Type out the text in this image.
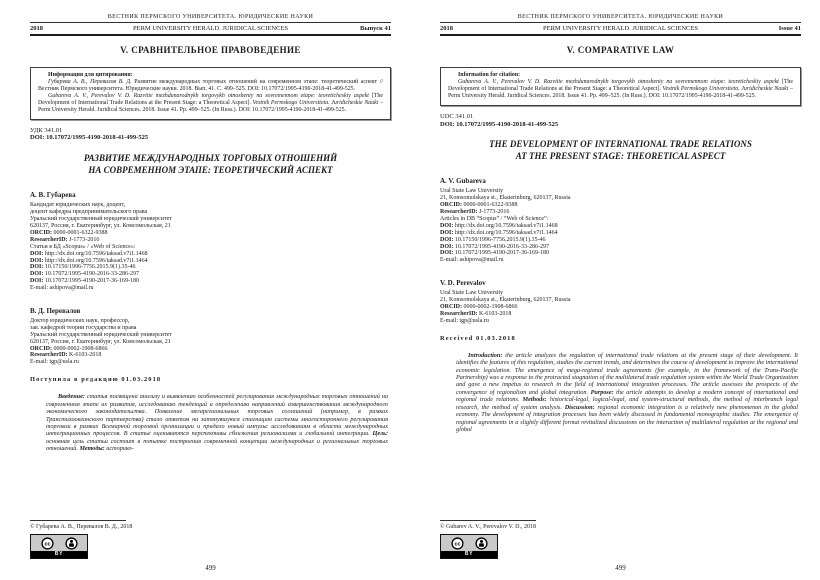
ВЕСТНИК ПЕРМСКОГО УНИВЕРСИТЕТА. ЮРИДИЧЕСКИЕ НАУКИ
2018	PERM UNIVERSITY HERALD. JURIDICAL SCIENCES	Выпуск 41
V. СРАВНИТЕЛЬНОЕ ПРАВОВЕДЕНИЕ
Информация для цитирования:

Губарева А. В., Перевалов В. Д. Развитие международных торговых отношений на современном этапе: теоретический аспект // Вестник Пермского университета. Юридические науки. 2018. Вып. 41. С. 499–525. DOI: 10.17072/1995-4190-2018-41-499-525.

Gubareva A. V., Perevalov V. D. Razvitie mezhdunarodnykh torgovykh otnosheniy na sovremennom etape: teoreticheskiy aspekt [The Development of International Trade Relations at the Present Stage: a Theoretical Aspect]. Vestnik Permskogo Universiteta. Juridicheskie Nauki – Perm University Herald. Juridical Sciences. 2018. Issue 41. Pp. 499–525. (In Russ.). DOI: 10.17072/1995-4190-2018-41-499-525.

УДК 341.01
DOI: 10.17072/1995-4190-2018-41-499-525
РАЗВИТИЕ МЕЖДУНАРОДНЫХ ТОРГОВЫХ ОТНОШЕНИЙ
НА СОВРЕМЕННОМ ЭТАПЕ: ТЕОРЕТИЧЕСКИЙ АСПЕКТ
А. В. Губарева
Кандидат юридических наук, доцент,
доцент кафедры предпринимательского права
Уральский государственный юридический университет
620137, Россия, г. Екатеринбург, ул. Комсомольская, 21
ORCID: 0000-0001-6322-9388
ResearcherID: J-1773-2016
Статьи в БД «Scopus» / «Web of Science»:
DOI: http://dx.doi.org/10.7596/taksad.v7i1.1468
DOI: http://dx.doi.org/10.7596/taksad.v7i1.1464
DOI: 10.17150/1996-7756.2015.9(1).35-46
DOI: 10.17072/1995-4190-2016-33-286-297
DOI: 10.17072/1995-4190-2017-36-169-180
E-mail: ashipova@mail.ru
В. Д. Перевалов
Доктор юридических наук, профессор,
зав. кафедрой теории государства и права
Уральский государственный юридический университет
620137, Россия, г. Екатеринбург, ул. Комсомольская, 21
ORCID: 0000-0002-1908-6866
ResearcherID: K-6103-2018
E-mail: tgp@usla.ru
Поступила в редакцию 01.03.2018

Введение: статья посвящена анализу и выявлению особенностей регулирования международных торговых отношений на современном этапе их развития, исследованию тенденций и определению направлений совершенствования международного экономического законодательства. Появление мегарегиональных торговых соглашений (например, в рамках Транстихоокеанского партнерства) стало ответом на затянувшуюся стагнацию системы многостороннего регулирования торговли в рамках Всемирной торговой организации и придало новый импульс исследованиям в области международных интеграционных процессов. В статье оцениваются перспективы сближения регионализма и глобальной интеграции. Цель: основная цель статьи состоит в попытке построения современной концепции международных и региональных торговых отношений. Методы: историко-

© Губарева А. В., Перевалов В. Д., 2018
cc
BY
499
ВЕСТНИК ПЕРМСКОГО УНИВЕРСИТЕТА. ЮРИДИЧЕСКИЕ НАУКИ
2018	PERM UNIVERSITY HERALD. JURIDICAL SCIENCES	Issue 41
V. COMPARATIVE LAW
Information for citation:

Gubareva A. V., Perevalov V. D. Razvitie mezhdunarodnykh torgovykh otnosheniy na sovremennom etape: teoreticheskiy aspekt [The Development of International Trade Relations at the Present Stage: a Theoretical Aspect]. Vestnik Permskogo Universiteta. Juridicheskie Nauki – Perm University Herald. Juridical Sciences. 2018. Issue 41. Pp. 499–525. (In Russ.). DOI: 10.17072/1995-4190-2018-41-499-525.

UDC 341.01
DOI: 10.17072/1995-4190-2018-41-499-525
THE DEVELOPMENT OF INTERNATIONAL TRADE RELATIONS
AT THE PRESENT STAGE: THEORETICAL ASPECT
A. V. Gubareva
Ural State Law University
21, Komsomolskaya st., Ekaterinburg, 620137, Russia
ORCID: 0000-0001-6322-9388
ResearcherID: J-1773-2016
Articles in DB “Scopus” / “Web of Science”:
DOI: http://dx.doi.org/10.7596/taksad.v7i1.1468
DOI: http://dx.doi.org/10.7596/taksad.v7i1.1464
DOI: 10.17150/1996-7756.2015.9(1).35-46
DOI: 10.17072/1995-4190-2016-33-286-297
DOI: 10.17072/1995-4190-2017-36-169-180
E-mail: ashipova@mail.ru
V. D. Perevalov
Ural State Law University
21, Komsomolskaya st., Ekaterinburg, 620137, Russia
ORCID: 0000-0002-1908-6866
ResearcherID: K-6103-2018
E-mail: tgp@usla.ru
Received 01.03.2018

Introduction: the article analyzes the regulation of international trade relations at the present stage of their development. It identifies the features of this regulation, studies the current trends, and determines the course of development to improve the international economic legislation. The emergence of mega-regional trade agreements (for example, in the framework of the Trans-Pacific Partnership) was a response to the protracted stagnation of the multilateral trade regulation system within the World Trade Organization and gave a new impetus to research in the field of international integration processes. The article assesses the prospects of the convergence of regionalism and global integration. Purpose: the article attempts to develop a modern concept of international and regional trade relations. Methods: historical-legal, logical-legal, and system-structural methods, the method of interbranch legal research, the method of system analysis. Discussion: regional economic integration is a relatively new phenomenon in the global economy. The development of integration processes has been widely discussed in fundamental monographic studies. The emergence of regional agreements in a slightly different format revitalized discussions on the interaction of multilateral regulation at the regional and global

© Gubarev A. V., Perevalov V. D., 2018
cc
BY
499
